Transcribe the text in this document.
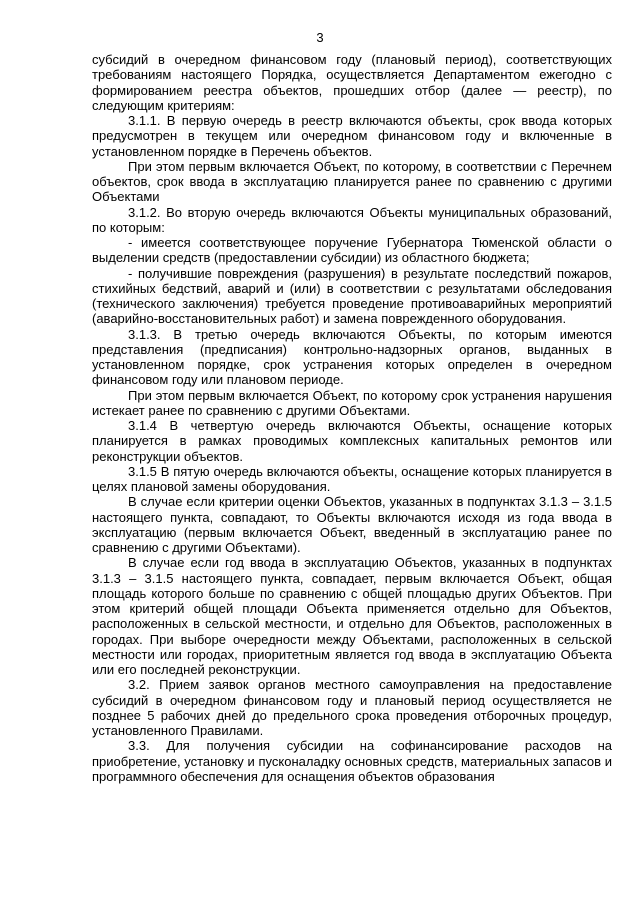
3

субсидий в очередном финансовом году (плановый период), соответствующих требованиям настоящего Порядка, осуществляется Департаментом ежегодно с формированием реестра объектов, прошедших отбор (далее — реестр), по следующим критериям:

3.1.1. В первую очередь в реестр включаются объекты, срок ввода которых предусмотрен в текущем или очередном финансовом году и включенные в установленном порядке в Перечень объектов.

При этом первым включается Объект, по которому, в соответствии с Перечнем объектов, срок ввода в эксплуатацию планируется ранее по сравнению с другими Объектами

3.1.2. Во вторую очередь включаются Объекты муниципальных образований, по которым:

- имеется соответствующее поручение Губернатора Тюменской области о выделении средств (предоставлении субсидии) из областного бюджета;

- получившие повреждения (разрушения) в результате последствий пожаров, стихийных бедствий, аварий и (или) в соответствии с результатами обследования (технического заключения) требуется проведение противоаварийных мероприятий (аварийно-восстановительных работ) и замена поврежденного оборудования.

3.1.3. В третью очередь включаются Объекты, по которым имеются представления (предписания) контрольно-надзорных органов, выданных в установленном порядке, срок устранения которых определен в очередном финансовом году или плановом периоде.

При этом первым включается Объект, по которому срок устранения нарушения истекает ранее по сравнению с другими Объектами.

3.1.4 В четвертую очередь включаются Объекты, оснащение которых планируется в рамках проводимых комплексных капитальных ремонтов или реконструкции объектов.

3.1.5 В пятую очередь включаются объекты, оснащение которых планируется в целях плановой замены оборудования.

В случае если критерии оценки Объектов, указанных в подпунктах 3.1.3 – 3.1.5 настоящего пункта, совпадают, то Объекты включаются исходя из года ввода в эксплуатацию (первым включается Объект, введенный в эксплуатацию ранее по сравнению с другими Объектами).

В случае если год ввода в эксплуатацию Объектов, указанных в подпунктах 3.1.3 – 3.1.5 настоящего пункта, совпадает, первым включается Объект, общая площадь которого больше по сравнению с общей площадью других Объектов. При этом критерий общей площади Объекта применяется отдельно для Объектов, расположенных в сельской местности, и отдельно для Объектов, расположенных в городах. При выборе очередности между Объектами, расположенных в сельской местности или городах, приоритетным является год ввода в эксплуатацию Объекта или его последней реконструкции.

3.2. Прием заявок органов местного самоуправления на предоставление субсидий в очередном финансовом году и плановый период осуществляется не позднее 5 рабочих дней до предельного срока проведения отборочных процедур, установленного Правилами.

3.3. Для получения субсидии на софинансирование расходов на приобретение, установку и пусконаладку основных средств, материальных запасов и программного обеспечения для оснащения объектов образования
